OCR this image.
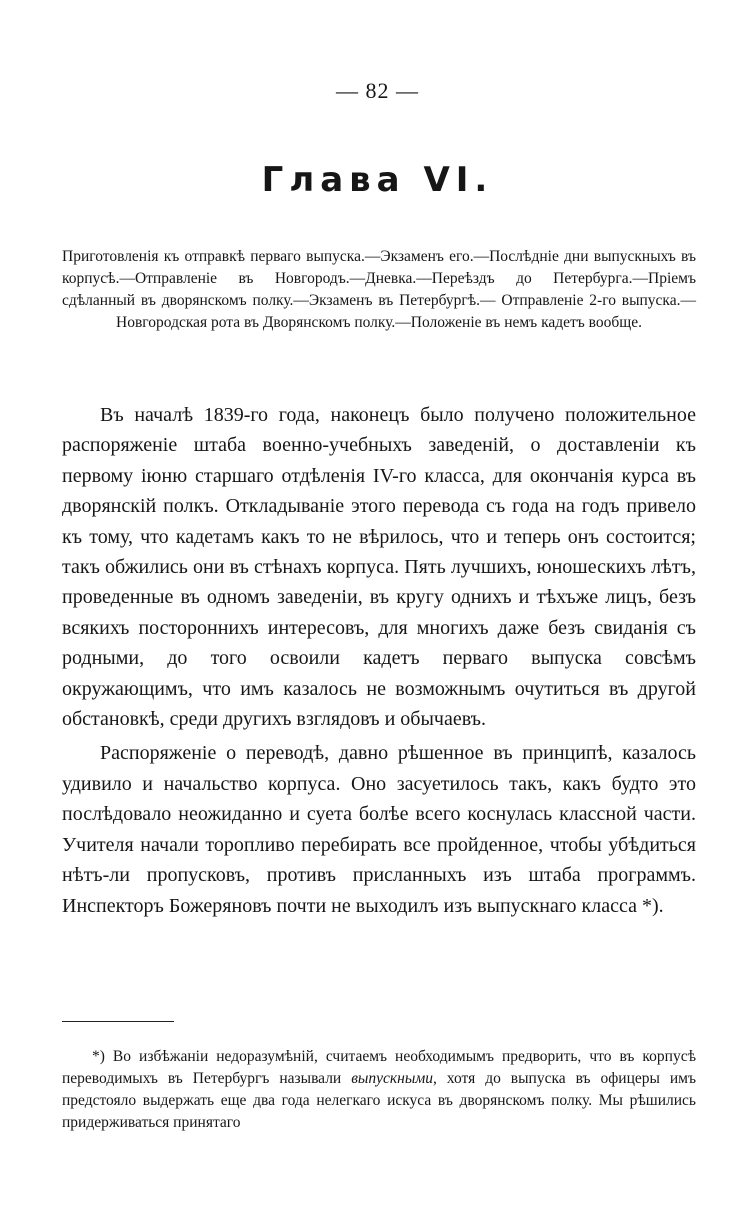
— 82 —
Глава VI.
Приготовленія къ отправкѣ перваго выпуска.—Экзаменъ его.—Послѣдніе дни выпускныхъ въ корпусѣ.—Отправленіе въ Новгородъ.—Дневка.—Переѣздъ до Петербурга.—Пріемъ сдѣланный въ дворянскомъ полку.—Экзаменъ въ Петербургѣ.— Отправленіе 2-го выпуска.—Новгородская рота въ Дворянскомъ полку.—Положеніе въ немъ кадетъ вообще.

Въ началѣ 1839-го года, наконецъ было получено положительное распоряженіе штаба военно-учебныхъ заведеній, о доставленіи къ первому іюню старшаго отдѣленія IV-го класса, для окончанія курса въ дворянскій полкъ. Откладываніе этого перевода съ года на годъ привело къ тому, что кадетамъ какъ то не вѣрилось, что и теперь онъ состоится; такъ обжились они въ стѣнахъ корпуса. Пять лучшихъ, юношескихъ лѣтъ, проведенные въ одномъ заведеніи, въ кругу однихъ и тѣхъже лицъ, безъ всякихъ постороннихъ интересовъ, для многихъ даже безъ свиданія съ родными, до того освоили кадетъ перваго выпуска совсѣмъ окружающимъ, что имъ казалось не возможнымъ очутиться въ другой обстановкѣ, среди другихъ взглядовъ и обычаевъ.

Распоряженіе о переводѣ, давно рѣшенное въ принципѣ, казалось удивило и начальство корпуса. Оно засуетилось такъ, какъ будто это послѣдовало неожиданно и суета болѣе всего коснулась классной части. Учителя начали торопливо перебирать все пройденное, чтобы убѣдиться нѣтъ-ли пропусковъ, противъ присланныхъ изъ штаба программъ. Инспекторъ Божеряновъ почти не выходилъ изъ выпускнаго класса *).

*) Во избѣжаніи недоразумѣній, считаемъ необходимымъ предворить, что въ корпусѣ переводимыхъ въ Петербургъ называли выпускными, хотя до выпуска въ офицеры имъ предстояло выдержать еще два года нелегкаго искуса въ дворянскомъ полку. Мы рѣшились придерживаться принятаго
